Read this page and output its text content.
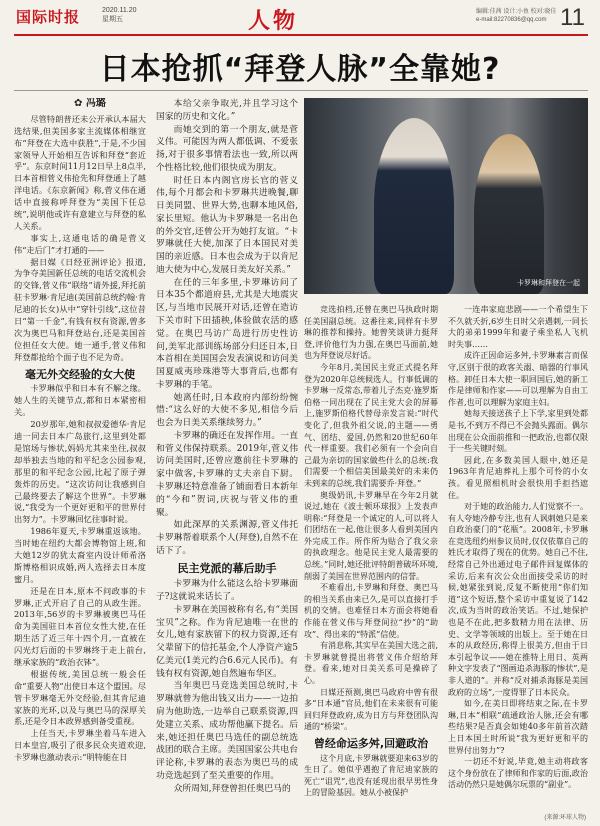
国际时报	2020.11.20
星期五	人物	编辑:佳茜 设计:小鱼 校对:晓佳
e-mail:82270836@qq.com 11
日本抢抓“拜登人脉”全靠她?
✿ 冯璐

尽管特朗普还未公开承认本届大选结果,但美国多家主流媒体相继宣布“拜登在大选中获胜”,于是,不少国家领导人开始相互告诉和拜登“套近乎”。东京时间11月12日早上8点半,日本首相菅义伟抢先和拜登通上了越洋电话。《东京新闻》称,菅义伟在通话中直接称呼拜登为“美国下任总统”,说明他或许有意建立与拜登的私人关系。

事实上,这通电话的确是菅义伟“走后门”才打通的——

据日媒《日经亚洲评论》报道,为争夺美国新任总统的电话交流机会的交锋,菅义伟“联络”请外援,拜托前驻卡罗琳·肯尼迪(美国前总统约翰·肯尼迪的长女)从中“穿针引线”,这位昔日“第一千金”,有钱有权有资源,曾多次为奥巴马和拜登站台,还是美国首位担任女大使。她一通手,菅义伟和拜登都抢给个面子也不足为奇。

毫无外交经验的女大使

卡罗琳似乎和日本有不解之缘。她人生的关键节点,都和日本紧密相关。

20岁那年,她和叔叔爱德华·肯尼迪一同去日本广岛旅行,这里到处都是馆场与惨状,妈妈尤其来坐往,叔叔却举独去当地的和平纪念公园参观,那里的和平纪念公园,比起了原子弹轰炸的历史。“这次访问让我感到自己最终要去了解这个世界”。卡罗琳说,“我受为一个更好更和平的世界付出努力”。卡罗琳回忆往事时说。

1986年夏天,卡罗琳重返该地。当时她在纽约大都会博物馆上班,和大她12岁的犹太裔室内设计师希洛斯博格相识成婚,两人选择去日本度蜜月。

还是在日本,原本不问政事的卡罗琳,正式开启了自己的从政生涯。2013年,56岁的卡罗琳被奥巴马任命为美国驻日本首位女性大使,在任期生活了近三年十四个月,一直被在闪光灯后面的卡罗琳终于走上前台,继承家族的“政治衣钵”。

根据传统,美国总统一般会任命“重要人物”出使日本这个盟国。尽管卡罗琳毫无外交经验,但其肯尼迪家族的光环,以及与奥巴马的深厚关系,还是令日本政界感到备受重视。

上任当天,卡罗琳坐着马车进入日本皇宫,吸引了很多民众夹道欢迎,卡罗琳也激动表示:“明特能在日

本给父亲争取光,并且学习这个国家的历史和文化。”

而她交到的第一个朋友,就是菅义伟。可能因为两人都低调、不爱张扬,对于很多事情看法也一致,所以两个性格比较,他们很快成为朋友。

时任日本内阁官房长官的菅义伟,每个月都会和卡罗琳共进晚餐,聊日美同盟、世界大势,也聊本地风俗,家长里短。他认为卡罗琳是一名出色的外交官,还曾公开为她打友谊。“卡罗琳就任大使,加深了日本国民对美国的亲近感。日本也会成为于以肯尼迪大使为中心,发展日美友好关系。”

在任的三年多里,卡罗琳访问了日本35个都道府县,尤其是大地震灾区,与当地市民展开对话,还曾在造访下关市时下田插秧,体验做农活的感觉。在奥巴马访广岛进行历史性访问,美军北部训练场部分归还日本,日本首相在美国国会发表演说和访问美国夏威夷珍珠港等大事背后,也都有卡罗琳的手笔。

她离任时,日本政府内部纷纷惋惜:“这么好的大使不多见,相信今后也会为日美关系继续努力。”

卡罗琳的确还在发挥作用。一直和菅义伟保持联系。2019年,菅义伟访问美国时,还曾应邀前往卡罗琳的家中做客,卡罗琳的丈夫亲自下厨。卡罗琳还特意准备了铺面看日本新年的“今和”贺词,庆祝与菅义伟的重聚。

如此深厚的关系渊源,菅义伟托卡罗琳帮着联系个人(拜登),自然不在话下了。

民主党派的幕后助手

卡罗琳为什么能这么给卡罗琳面子?这就说来话长了。

卡罗琳在美国被称有名,有“美国宝贝”之称。作为肯尼迪唯一在世的女儿,她有家族留下的权力资源,还有父辈留下的信托基金,个人净资产逾5亿美元(1美元约合6.6元人民币)。有钱有权有资源,她自然遍布华区。

当年奥巴马竞选美国总统时,卡罗琳就曾为他出钱又出力——一边拍肩为他助选,一边举自己联系资源,四处建立关系、成功帮他赢下提名。后来,她还担任奥巴马选任的副总统选战团的联合主席。美国国家公共电台评论称,卡罗琳的表态为奥巴马的成功竞选起到了至关重要的作用。

众所周知,拜登曾担任奥巴马的

卡罗琳和拜登在一起

竞选拍档,还曾在奥巴马执政时期任美国副总统。这番往来,同样有卡罗琳的推荐和操持。她曾笑谈讲力挺拜登,评价他行为力强,在奥巴马面前,她也为拜登说尽好话。

今年8月,美国民主党正式提名拜登为2020年总统候选人。行事低调的卡罗琳一反常态,带着儿子杰克·施罗斯伯格一同出现在了民主党大会的屏幕上,施罗斯伯格代替母亲发言说:“时代变化了,但我外祖父说,的主题——勇气、团结、爱国,仍然和20世纪60年代一样重要。我们必须有一个会向自己最为亲切的国家做些什么的总统:我们需要一个相信美国最美好的未来仍未到来的总统,我们需要乔·拜登。”

奥级奶讯,卡罗琳早在今年2月就说过,她在《波士顿环球报》上发表声明称:“拜登是一个诚定的人,可以将人们团结在一起,他让很多人看到美国内外完成工作。所作所为贴合了我父亲的执政理念。他是民主党人最需要的总统。”同时,她还批评特朗普破坏环境,削弱了美国在世界范围内的信誉。

不难看出,卡罗琳和拜登、奥巴马的相当关系由来已久,是可以直接打手机的交情。也难怪日本方面会将她看作能在菅义伟与拜登间拉“抄”的“助攻”、得出来的“特派”信使。

有消息称,其实早在美国大选之前,卡罗琳就曾提出将菅义伟介绍给拜登。看来,她对日美关系可是操碎了心。

日媒还预测,奥巴马政府中曾有很多“日本通”官员,他们在未来很有可能回归拜登政府,成为日方与拜登团队沟通的“桥梁”。

曾经命运多舛,回避政治

这个月底,卡罗琳就要迎来63岁的生日了。她似乎遇抱了肯尼迪家族的死亡“诅咒”,也没有延现出很早男性身上的冒险基因。她从小被保护

一连串家庭悲剧——一个希望生下不久就夭折,6岁生日时父亲遇刺,一同长大的弟弟1999年和妻子乘坐私人飞机时失事……

成许正因命运多舛,卡罗琳素言而保守,区别于很的政客关溺、暗器的行事风格。卸任日本大使一职回国后,她的新工作是律师和作家——可以理解为自由工作者,也可以理解为家庭主妇。

她每天接送孩子上下学,家里到处都是书,不到万不得已不会抛头露面。偶尔出现在公众面前推和一把政治,也都仅限于一些关键时刻。

因此,在多数美国人眼中,她还是1963年肯尼迪葬礼上那个可怜的小女孩。看见照相机时会很快用手拒挡遮住。

对于她的政治能力,人们觉察不一。有人夸她冷静专注,也有人讽刺她只是来自政治豪门的“花瓶”。2008年,卡罗琳在竞选纽约州参议员时,仅仅依靠自己的姓氏才取得了现在的优势。她自己不住,经常自己外出通过电子邮件回复媒体的采访,后来有次公众出面接受采访的时候,她紧张到说,反复不断使用“你们知道”这个短语,整个采访中重复说了142次,成为当时的政治笑话。不过,她保护也是不在此,把多数精力用在法律、历史、文学等领域的出版上。至于她在日本的从政经历,称得上很美方,但由于日本引起争议——她在推特上用日、英两种文字发表了“图画追杀海豚的惨状”,是非人道的”。并称“反对捕杀海豚是美国政府的立场”,一度得罪了日本民众。

如今,在美日即将结束之际,在卡罗琳,日本“相联”疏通政治人脉,还会有哪些结果?是否真会如她40多年前首次踏上日本国土时所说“我为更好更和平的世界付出努力”?

一切还不好说,毕竟,她主动将政客这个身份放在了律师和作家的后面,政治活动仍然只是她偶尔玩票的“副业”。

(来源:环球人物)
